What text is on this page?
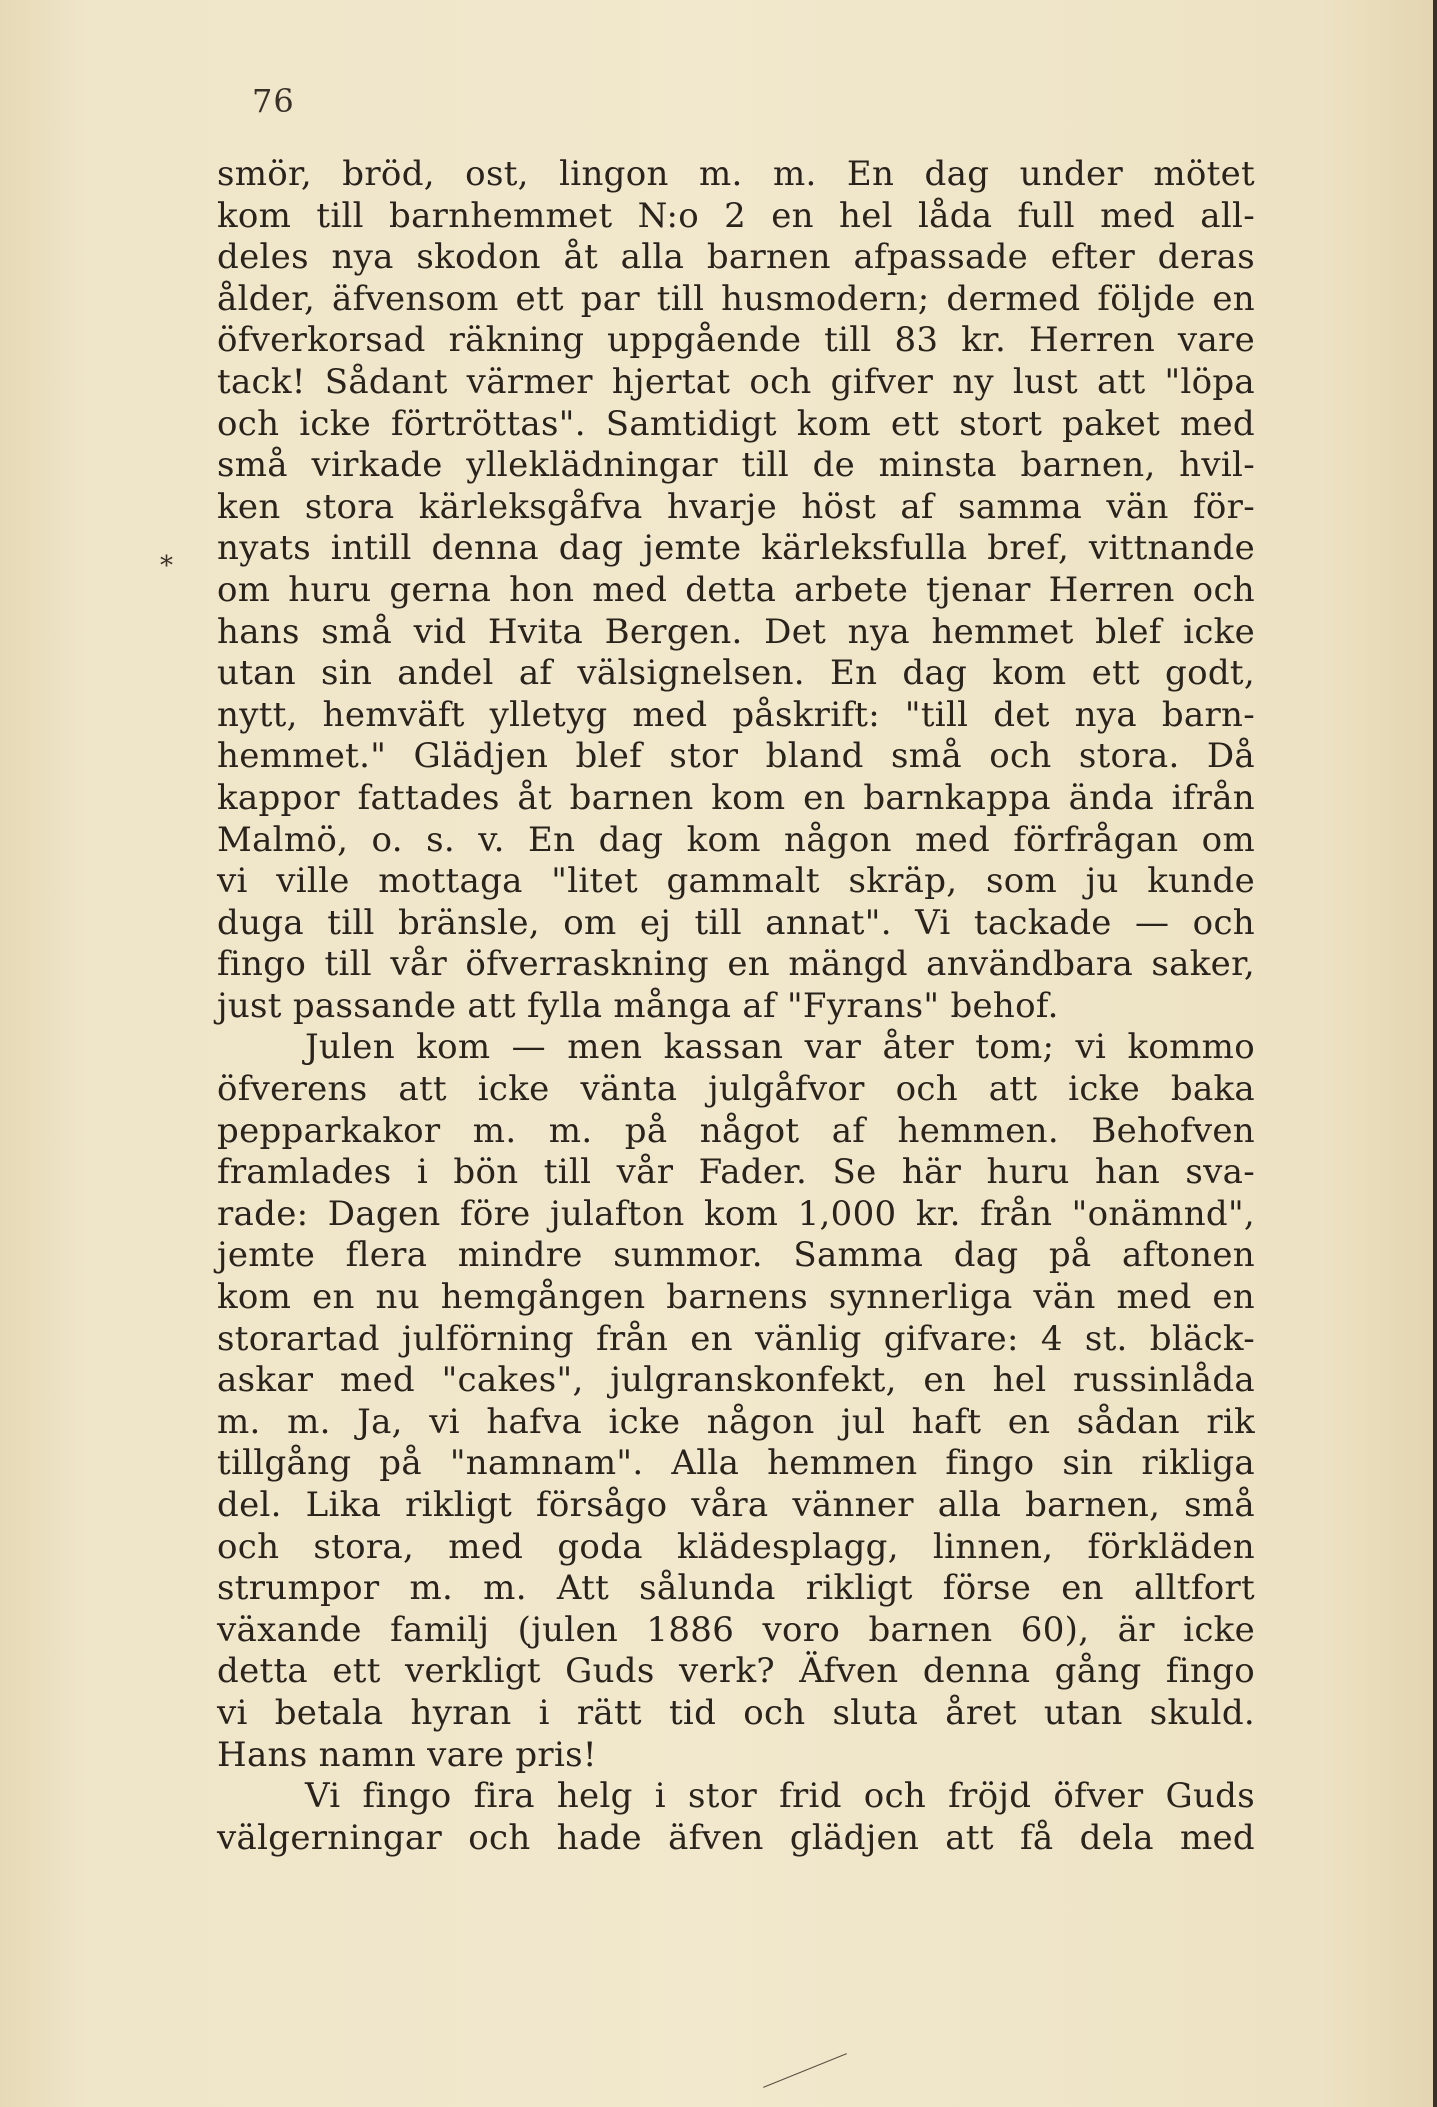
76
*
smör, bröd, ost, lingon m. m. En dag under mötet
kom till barnhemmet N:o 2 en hel låda full med all-
deles nya skodon åt alla barnen afpassade efter deras
ålder, äfvensom ett par till husmodern; dermed följde en
öfverkorsad räkning uppgående till 83 kr. Herren vare
tack! Sådant värmer hjertat och gifver ny lust att "löpa
och icke förtröttas". Samtidigt kom ett stort paket med
små virkade ylleklädningar till de minsta barnen, hvil-
ken stora kärleksgåfva hvarje höst af samma vän för-
nyats intill denna dag jemte kärleksfulla bref, vittnande
om huru gerna hon med detta arbete tjenar Herren och
hans små vid Hvita Bergen. Det nya hemmet blef icke
utan sin andel af välsignelsen. En dag kom ett godt,
nytt, hemväft ylletyg med påskrift: "till det nya barn-
hemmet." Glädjen blef stor bland små och stora. Då
kappor fattades åt barnen kom en barnkappa ända ifrån
Malmö, o. s. v. En dag kom någon med förfrågan om
vi ville mottaga "litet gammalt skräp, som ju kunde
duga till bränsle, om ej till annat". Vi tackade — och
fingo till vår öfverraskning en mängd användbara saker,
just passande att fylla många af "Fyrans" behof.
Julen kom — men kassan var åter tom; vi kommo
öfverens att icke vänta julgåfvor och att icke baka
pepparkakor m. m. på något af hemmen. Behofven
framlades i bön till vår Fader. Se här huru han sva-
rade: Dagen före julafton kom 1,000 kr. från "onämnd",
jemte flera mindre summor. Samma dag på aftonen
kom en nu hemgången barnens synnerliga vän med en
storartad julförning från en vänlig gifvare: 4 st. bläck-
askar med "cakes", julgranskonfekt, en hel russinlåda
m. m. Ja, vi hafva icke någon jul haft en sådan rik
tillgång på "namnam". Alla hemmen fingo sin rikliga
del. Lika rikligt försågo våra vänner alla barnen, små
och stora, med goda klädesplagg, linnen, förkläden
strumpor m. m. Att sålunda rikligt förse en alltfort
växande familj (julen 1886 voro barnen 60), är icke
detta ett verkligt Guds verk? Äfven denna gång fingo
vi betala hyran i rätt tid och sluta året utan skuld.
Hans namn vare pris!
Vi fingo fira helg i stor frid och fröjd öfver Guds
välgerningar och hade äfven glädjen att få dela med
